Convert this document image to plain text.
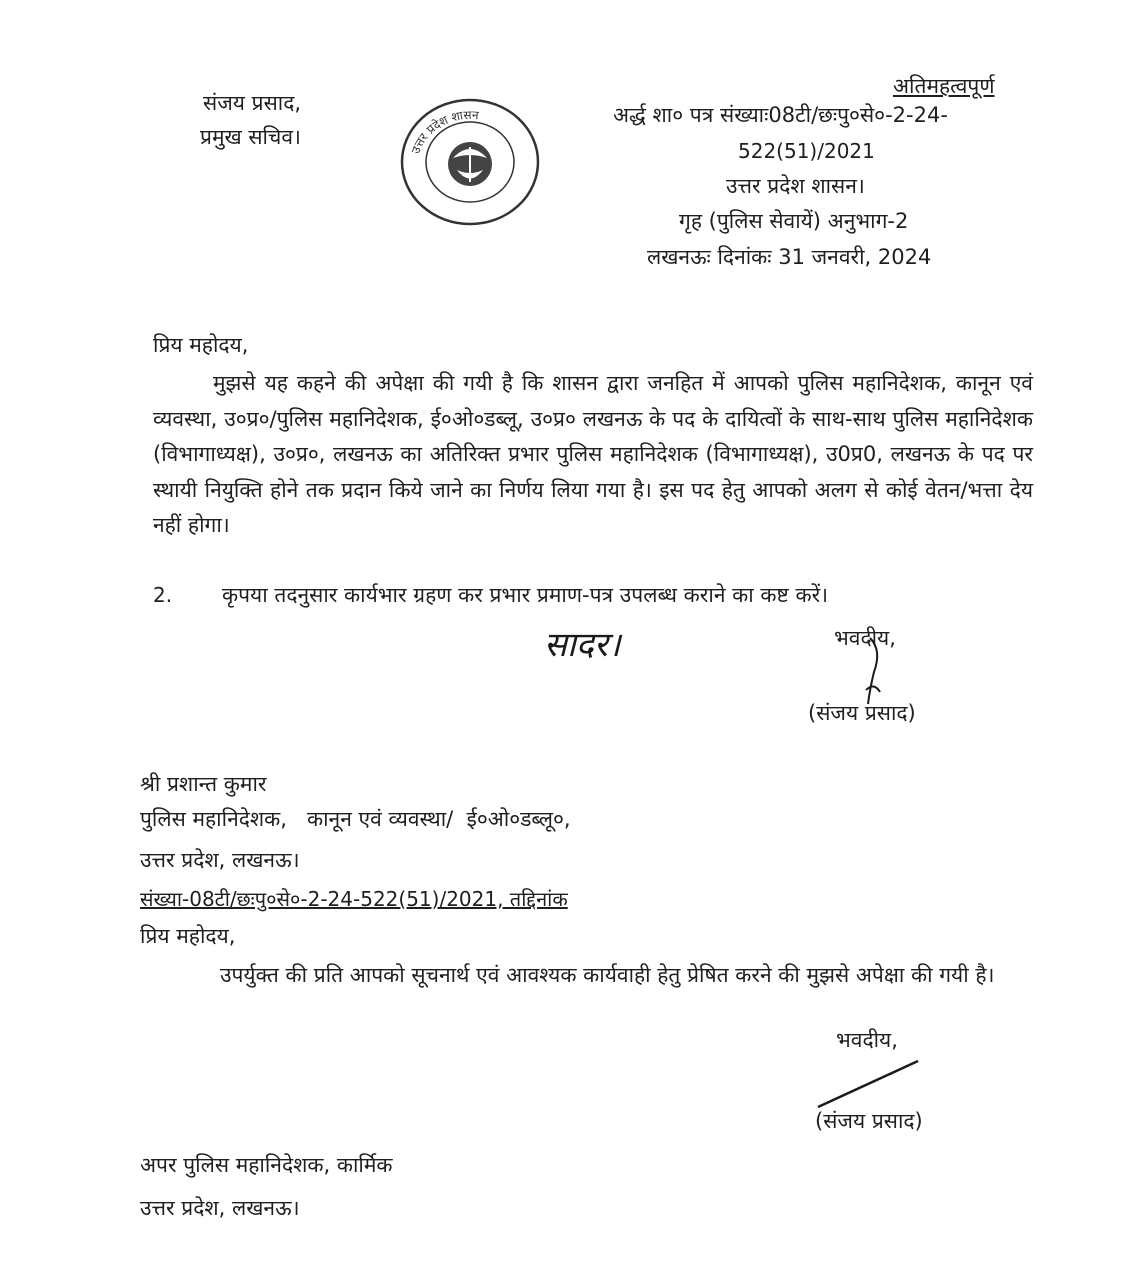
अतिमहत्वपूर्ण
संजय प्रसाद,
प्रमुख सचिव।
उत्तर प्रदेश शासन	अर्द्ध शा० पत्र संख्याः08टी/छःपु०से०-2-24-
522(51)/2021
उत्तर प्रदेश शासन।
गृह (पुलिस सेवायें) अनुभाग-2
लखनऊः दिनांकः 31 जनवरी, 2024
प्रिय महोदय,

मुझसे यह कहने की अपेक्षा की गयी है कि शासन द्वारा जनहित में आपको पुलिस महानिदेशक, कानून एवं व्यवस्था, उ०प्र०/पुलिस महानिदेशक, ई०ओ०डब्लू, उ०प्र० लखनऊ के पद के दायित्वों के साथ-साथ पुलिस महानिदेशक (विभागाध्यक्ष), उ०प्र०, लखनऊ का अतिरिक्त प्रभार पुलिस महानिदेशक (विभागाध्यक्ष), उ0प्र0, लखनऊ के पद पर स्थायी नियुक्ति होने तक प्रदान किये जाने का निर्णय लिया गया है। इस पद हेतु आपको अलग से कोई वेतन/भत्ता देय नहीं होगा।

2. कृपया तदनुसार कार्यभार ग्रहण कर प्रभार प्रमाण-पत्र उपलब्ध कराने का कष्ट करें।
सादर।	भवदीय,
(संजय प्रसाद)
श्री प्रशान्त कुमार
पुलिस महानिदेशक,   कानून एवं व्यवस्था/  ई०ओ०डब्लू०,
उत्तर प्रदेश, लखनऊ।
संख्या-08टी/छःपु०से०-2-24-522(51)/2021, तद्दिनांक
प्रिय महोदय,

उपर्युक्त की प्रति आपको सूचनार्थ एवं आवश्यक कार्यवाही हेतु प्रेषित करने की मुझसे अपेक्षा की गयी है।

भवदीय,
(संजय प्रसाद)
अपर पुलिस महानिदेशक, कार्मिक
उत्तर प्रदेश, लखनऊ।
